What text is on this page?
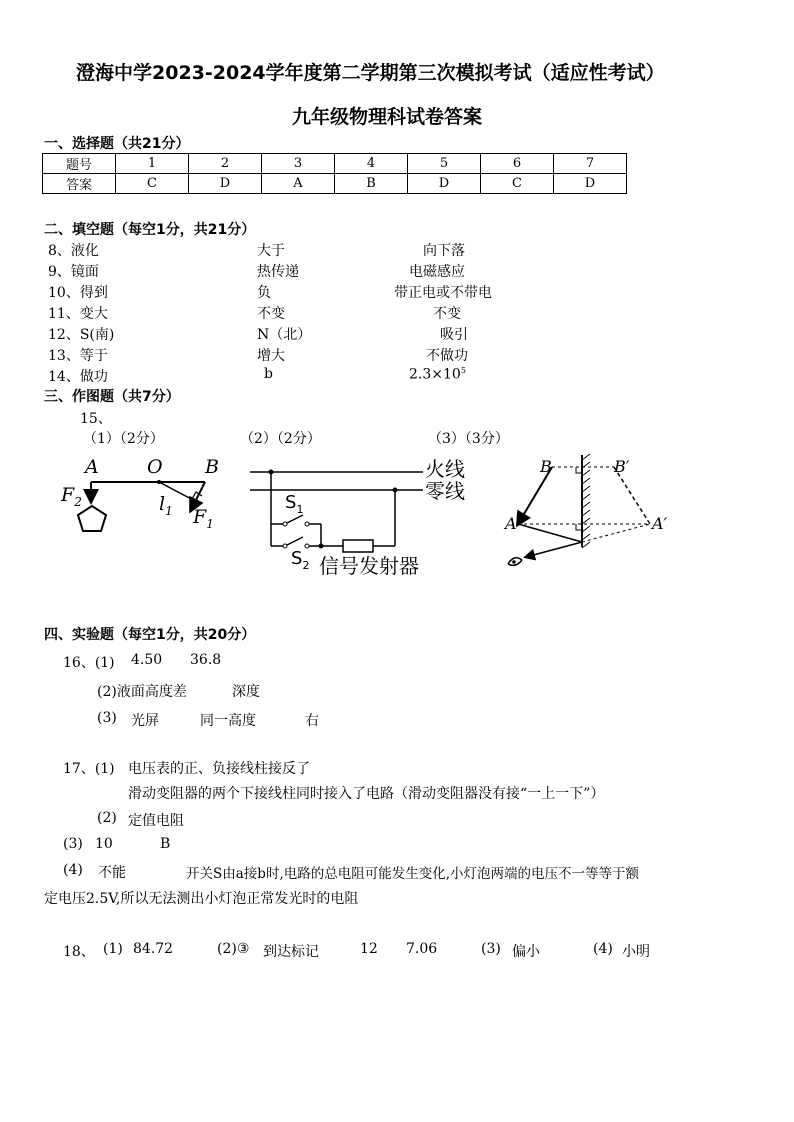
澄海中学2023-2024学年度第二学期第三次模拟考试（适应性考试）
九年级物理科试卷答案
一、选择题（共21分）
题号	1	2	3	4	5	6	7
答案	C	D	A	B	D	C	D
二、填空题（每空1分，共21分）
8、液化	大于	向下落
9、镜面	热传递	电磁感应
10、得到	负	带正电或不带电
11、变大	不变	不变
12、S(南)	N（北）	吸引
13、等于	增大	不做功
14、做功	b	$2.3\times 10^5$
三、作图题（共7分）
15、
（1）（2分）	（2）（2分）	（3）（3分）
A	O B
$F_2$	$l_1$ $F_1$
火线
零线
$S_1$
$S_2$ 信号发射器
B	B′
A	A′
四、实验题（每空1分，共20分）
16、(1) 4.50 36.8
(2)液面高度差	深度
(3) 光屏	同一高度	右
17、(1) 电压表的正、负接线柱接反了
滑动变阻器的两个下接线柱同时接入了电路（滑动变阻器没有接“一上一下”）
(2) 定值电阻
(3) 10	B
(4) 不能	开关S由a接b时,电路的总电阻可能发生变化,小灯泡两端的电压不一等等于额
定电压2.5V,所以无法测出小灯泡正常发光时的电阻
18、 (1) 84.72	(2)③ 到达标记	12 7.06	(3) 偏小	(4) 小明
